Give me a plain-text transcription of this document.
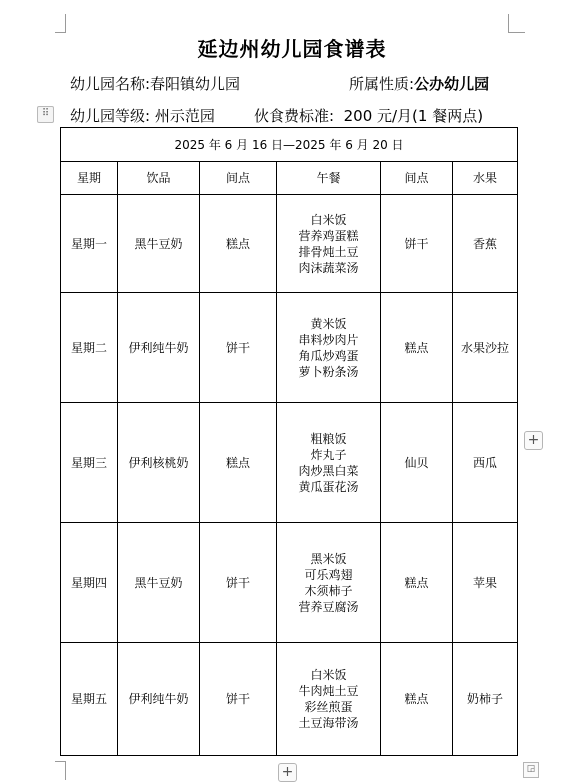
延边州幼儿园食谱表
幼儿园名称:春阳镇幼儿园	所属性质:公办幼儿园
⠿	幼儿园等级: 州示范园	伙食费标准: 200 元/月(1 餐两点)
2025 年 6 月 16 日—2025 年 6 月 20 日					
星期	饮品	间点	午餐	间点	水果
星期一	黑牛豆奶	糕点	白米饭
营养鸡蛋糕
排骨炖土豆
肉沫蔬菜汤	饼干	香蕉
星期二	伊利纯牛奶	饼干	黄米饭
串料炒肉片
角瓜炒鸡蛋
萝卜粉条汤	糕点	水果沙拉
星期三	伊利核桃奶	糕点	粗粮饭
炸丸子
肉炒黑白菜
黄瓜蛋花汤	仙贝	西瓜
星期四	黑牛豆奶	饼干	黑米饭
可乐鸡翅
木须柿子
营养豆腐汤	糕点	苹果
星期五	伊利纯牛奶	饼干	白米饭
牛肉炖土豆
彩丝煎蛋
土豆海带汤	糕点	奶柿子
+
+	◲
